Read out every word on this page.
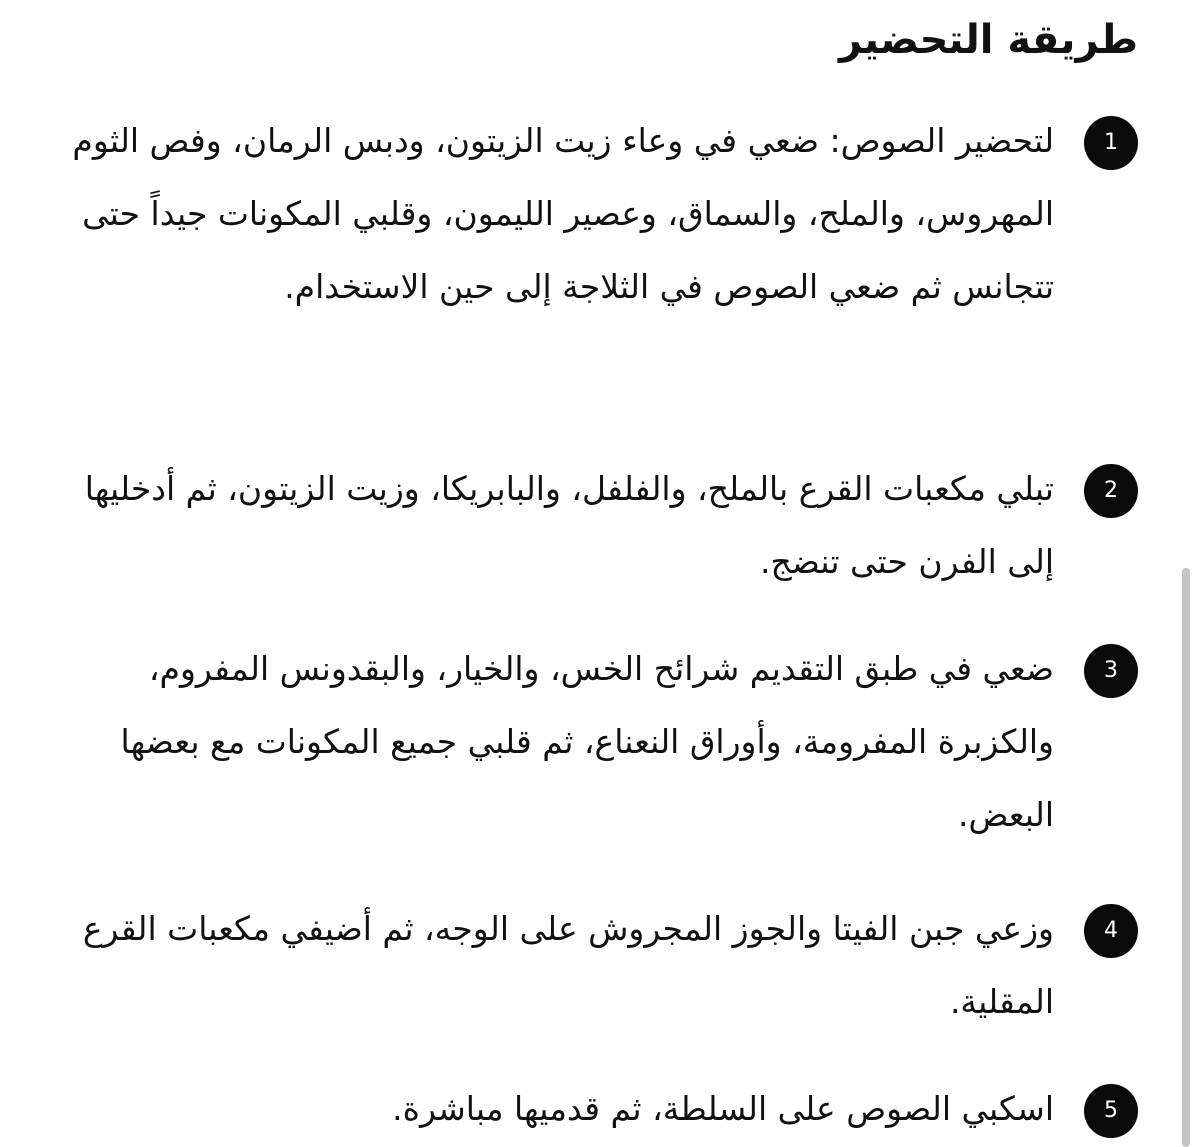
طريقة التحضير
1

لتحضير الصوص: ضعي في وعاء زيت الزيتون، ودبس الرمان، وفص الثوم المهروس، والملح، والسماق، وعصير الليمون، وقلبي المكونات جيداً حتى تتجانس ثم ضعي الصوص في الثلاجة إلى حين الاستخدام.

2

تبلي مكعبات القرع بالملح، والفلفل، والبابريكا، وزيت الزيتون، ثم أدخليها إلى الفرن حتى تنضج.

3

ضعي في طبق التقديم شرائح الخس، والخيار، والبقدونس المفروم، والكزبرة المفرومة، وأوراق النعناع، ثم قلبي جميع المكونات مع بعضها البعض.

4

وزعي جبن الفيتا والجوز المجروش على الوجه، ثم أضيفي مكعبات القرع المقلية.

5

اسكبي الصوص على السلطة، ثم قدميها مباشرة.
